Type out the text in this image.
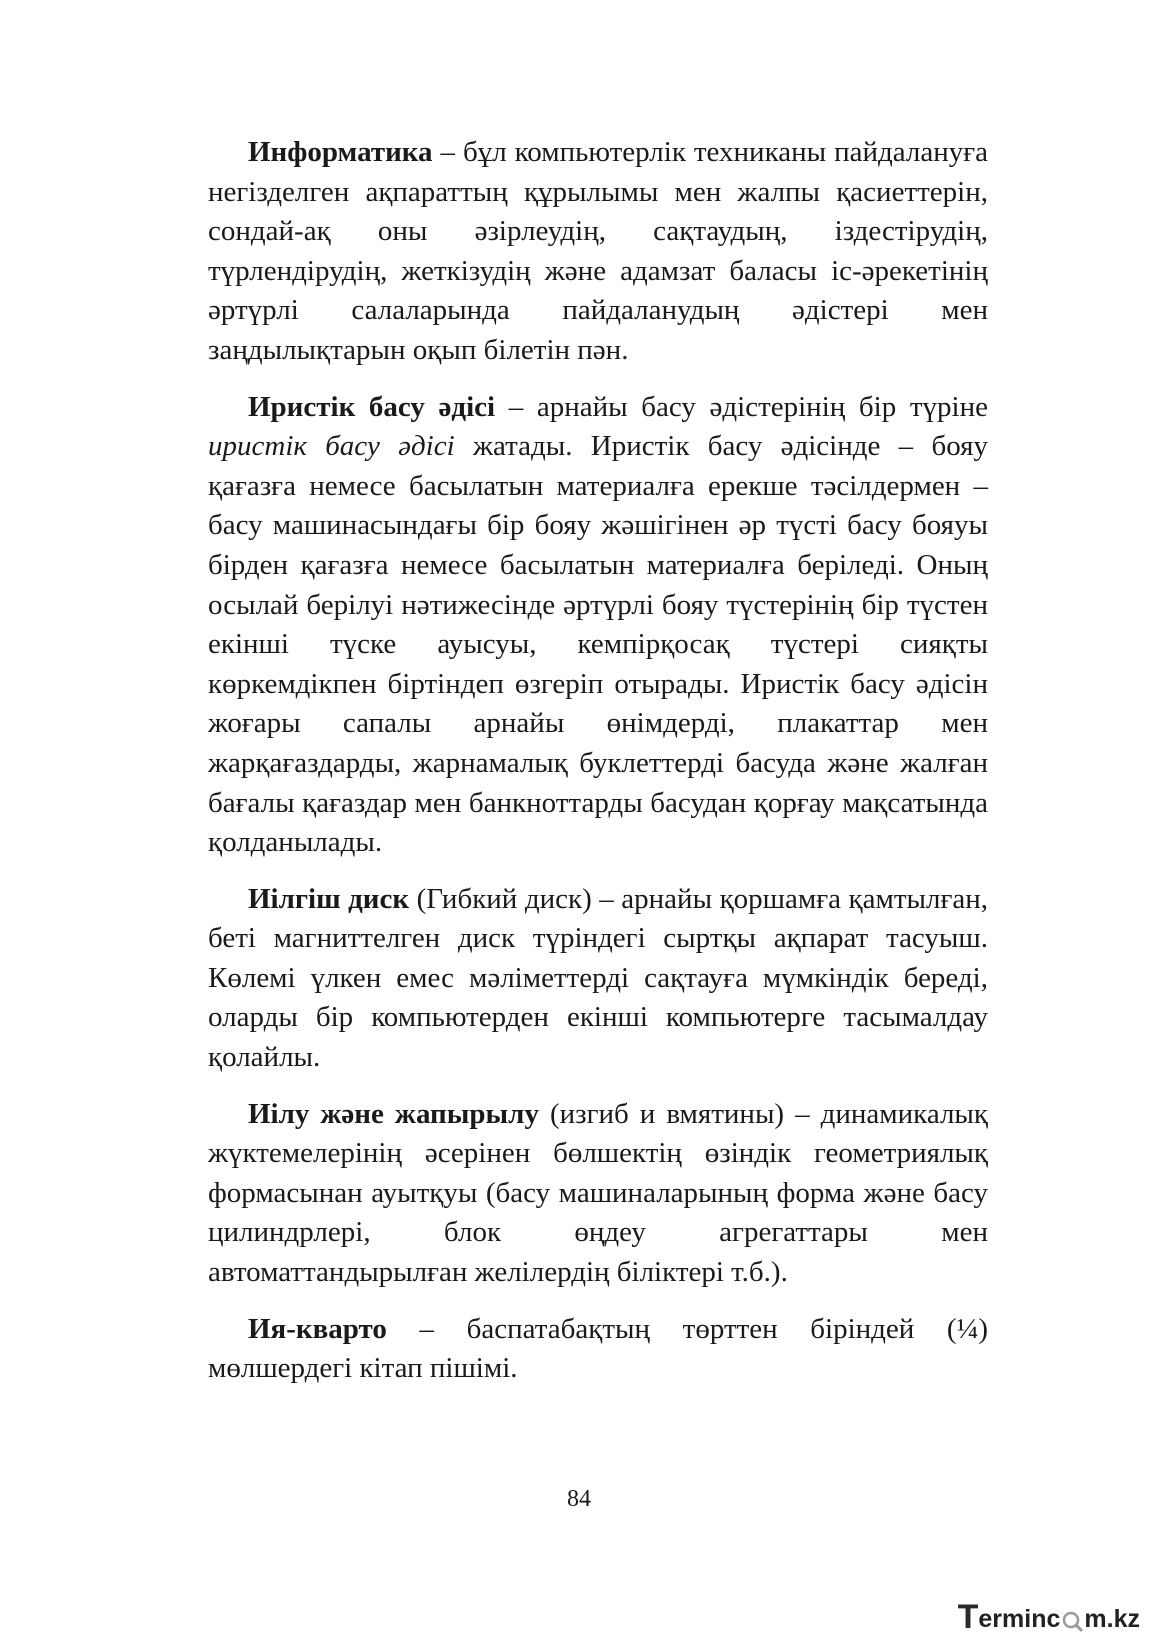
Информатика – бұл компьютерлік техниканы пайдалануға негізделген ақпараттың құрылымы мен жалпы қасиеттерін, сондай-ақ оны әзірлеудің, сақтаудың, іздестірудің, түрлендірудің, жеткізудің және адамзат баласы іс-әрекетінің әртүрлі салаларында пайдаланудың әдістері мен заңдылықтарын оқып білетін пән.

Иристік басу әдісі – арнайы басу әдістерінің бір түріне иристік басу әдісі жатады. Иристік басу әдісінде – бояу қағазға немесе басылатын материалға ерекше тәсілдермен – басу машинасындағы бір бояу жәшігінен әр түсті басу бояуы бірден қағазға немесе басылатын материалға беріледі. Оның осылай берілуі нәтижесінде әртүрлі бояу түстерінің бір түстен екінші түске ауысуы, кемпірқосақ түстері сияқты көркемдікпен біртіндеп өзгеріп отырады. Иристік басу әдісін жоғары сапалы арнайы өнімдерді, плакаттар мен жарқағаздарды, жарнамалық буклеттерді басуда және жалған бағалы қағаздар мен банкноттарды басудан қорғау мақсатында қолданылады.

Иілгіш диск (Гибкий диск) – арнайы қоршамға қамтылған, беті магниттелген диск түріндегі сыртқы ақпарат тасуыш. Көлемі үлкен емес мәліметтерді сақтауға мүмкіндік береді, оларды бір компьютерден екінші компьютерге тасымалдау қолайлы.

Иілу және жапырылу (изгиб и вмятины) – динамикалық жүктемелерінің әсерінен бөлшектің өзіндік геометриялық формасынан ауытқуы (басу машиналарының форма және басу цилиндрлері, блок өңдеу агрегаттары мен автоматтандырылған желілердің біліктері т.б.).

Ия-кварто – баспатабақтың төрттен біріндей (¼) мөлшердегі кітап пішімі.

84
T ermin c m.kz
